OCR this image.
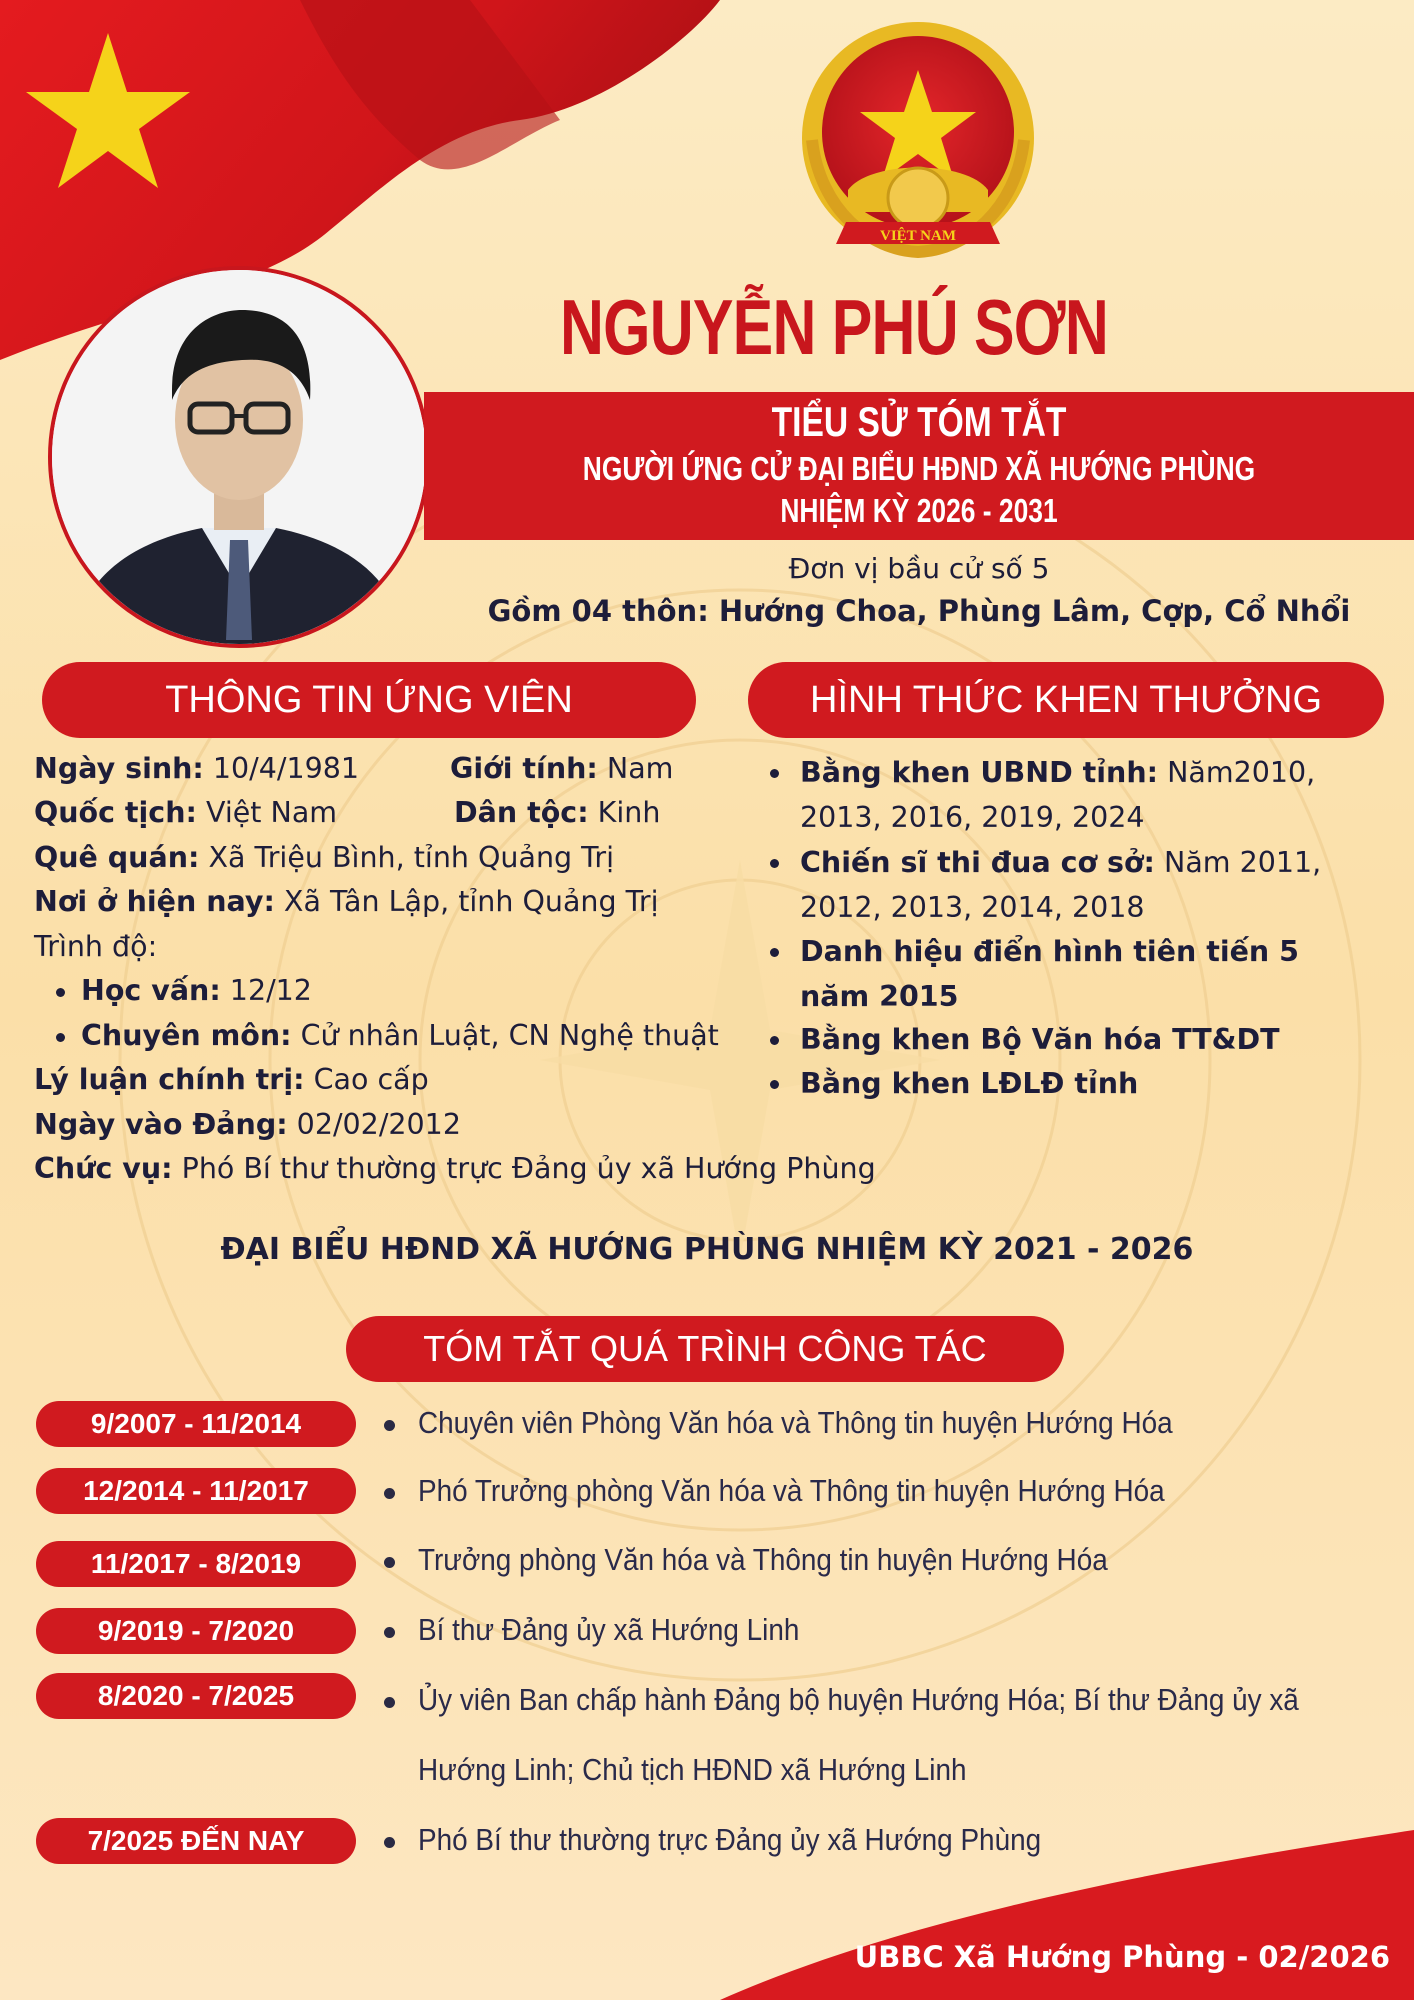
VIỆT NAM
NGUYỄN PHÚ SƠN
TIỂU SỬ TÓM TẮT
NGƯỜI ỨNG CỬ ĐẠI BIỂU HĐND XÃ HƯỚNG PHÙNG
NHIỆM KỲ 2026 - 2031
Đơn vị bầu cử số 5
Gồm 04 thôn: Hướng Choa, Phùng Lâm, Cợp, Cổ Nhổi
THÔNG TIN ỨNG VIÊN	HÌNH THỨC KHEN THƯỞNG
Ngày sinh: 10/4/1981	Giới tính: Nam
Quốc tịch: Việt Nam	Dân tộc: Kinh
Quê quán: Xã Triệu Bình, tỉnh Quảng Trị
Nơi ở hiện nay: Xã Tân Lập, tỉnh Quảng Trị
Trình độ:
Học vấn: 12/12
Chuyên môn: Cử nhân Luật, CN Nghệ thuật
Lý luận chính trị: Cao cấp
Ngày vào Đảng: 02/02/2012
Chức vụ: Phó Bí thư thường trực Đảng ủy xã Hướng Phùng
Bằng khen UBND tỉnh: Năm2010, 2013, 2016, 2019, 2024
Chiến sĩ thi đua cơ sở: Năm 2011, 2012, 2013, 2014, 2018
Danh hiệu điển hình tiên tiến 5 năm 2015
Bằng khen Bộ Văn hóa TT&DT
Bằng khen LĐLĐ tỉnh
ĐẠI BIỂU HĐND XÃ HƯỚNG PHÙNG NHIỆM KỲ 2021 - 2026
TÓM TẮT QUÁ TRÌNH CÔNG TÁC
9/2007 - 11/2014	Chuyên viên Phòng Văn hóa và Thông tin huyện Hướng Hóa
12/2014 - 11/2017	Phó Trưởng phòng Văn hóa và Thông tin huyện Hướng Hóa
11/2017 - 8/2019	Trưởng phòng Văn hóa và Thông tin huyện Hướng Hóa
9/2019 - 7/2020	Bí thư Đảng ủy xã Hướng Linh
8/2020 - 7/2025	Ủy viên Ban chấp hành Đảng bộ huyện Hướng Hóa; Bí thư Đảng ủy xã
Hướng Linh; Chủ tịch HĐND xã Hướng Linh
7/2025 ĐẾN NAY	Phó Bí thư thường trực Đảng ủy xã Hướng Phùng
UBBC Xã Hướng Phùng - 02/2026
